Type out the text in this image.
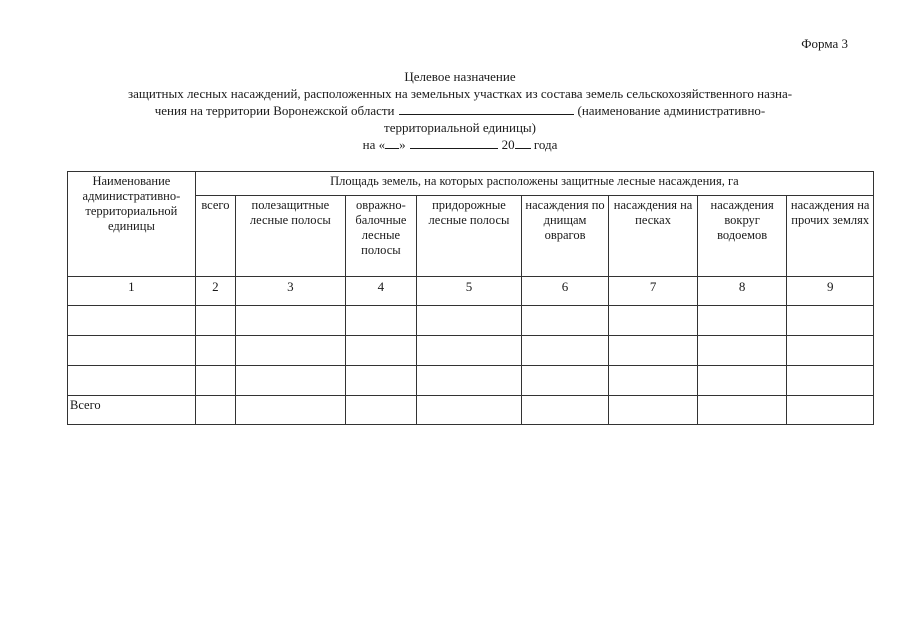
Форма 3
Целевое назначение
защитных лесных насаждений, расположенных на земельных участках из состава земель сельскохозяйственного назна-
чения на территории Воронежской области	(наименование административно-
территориальной единицы)
на « »	20 года
Наименование административно-территориальной единицы	Площадь земель, на которых расположены защитные лесные насаждения, га							
	всего	полезащитные лесные полосы	овражно-балочные лесные полосы	придорожные лесные полосы	насаждения по днищам оврагов	насаждения на песках	насаждения вокруг водоемов	насаждения на прочих землях
1	2	3	4	5	6	7	8	9

Всего								
